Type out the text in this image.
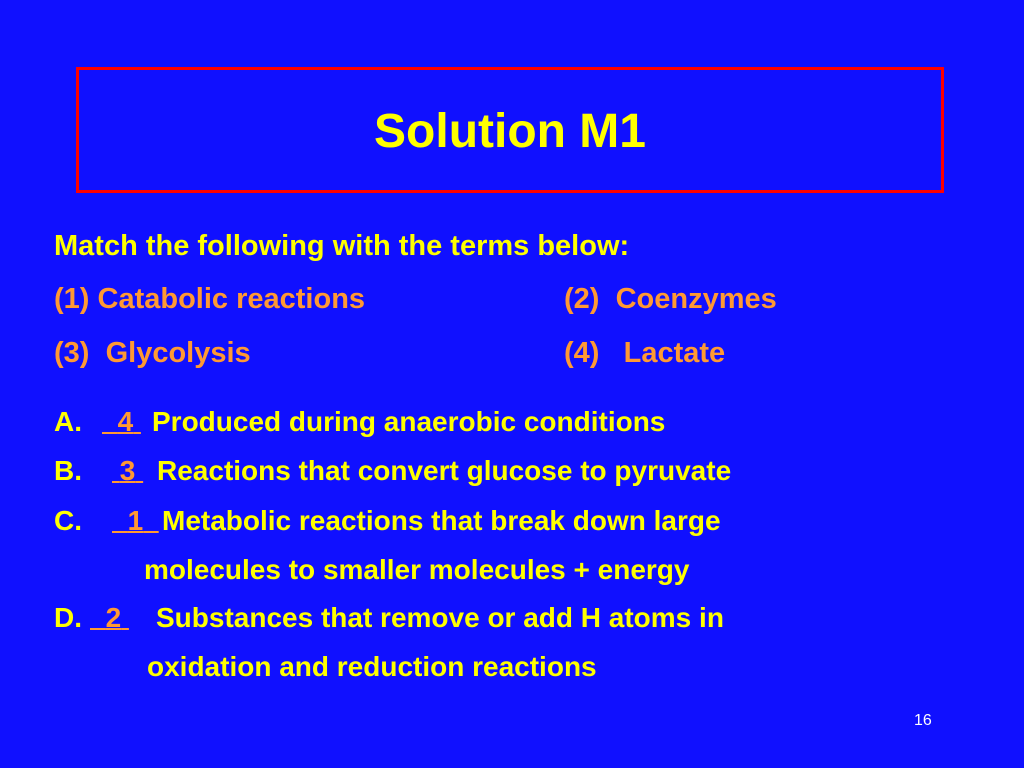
Solution M1
Match the following with the terms below:
(1) Catabolic reactions	(2) Coenzymes
(3) Glycolysis	(4) Lactate
A.	4 Produced during anaerobic conditions
B. 3 Reactions that convert glucose to pyruvate
C.	1 Metabolic reactions that break down large
molecules to smaller molecules + energy
D. 2 Substances that remove or add H atoms in
oxidation and reduction reactions
16
